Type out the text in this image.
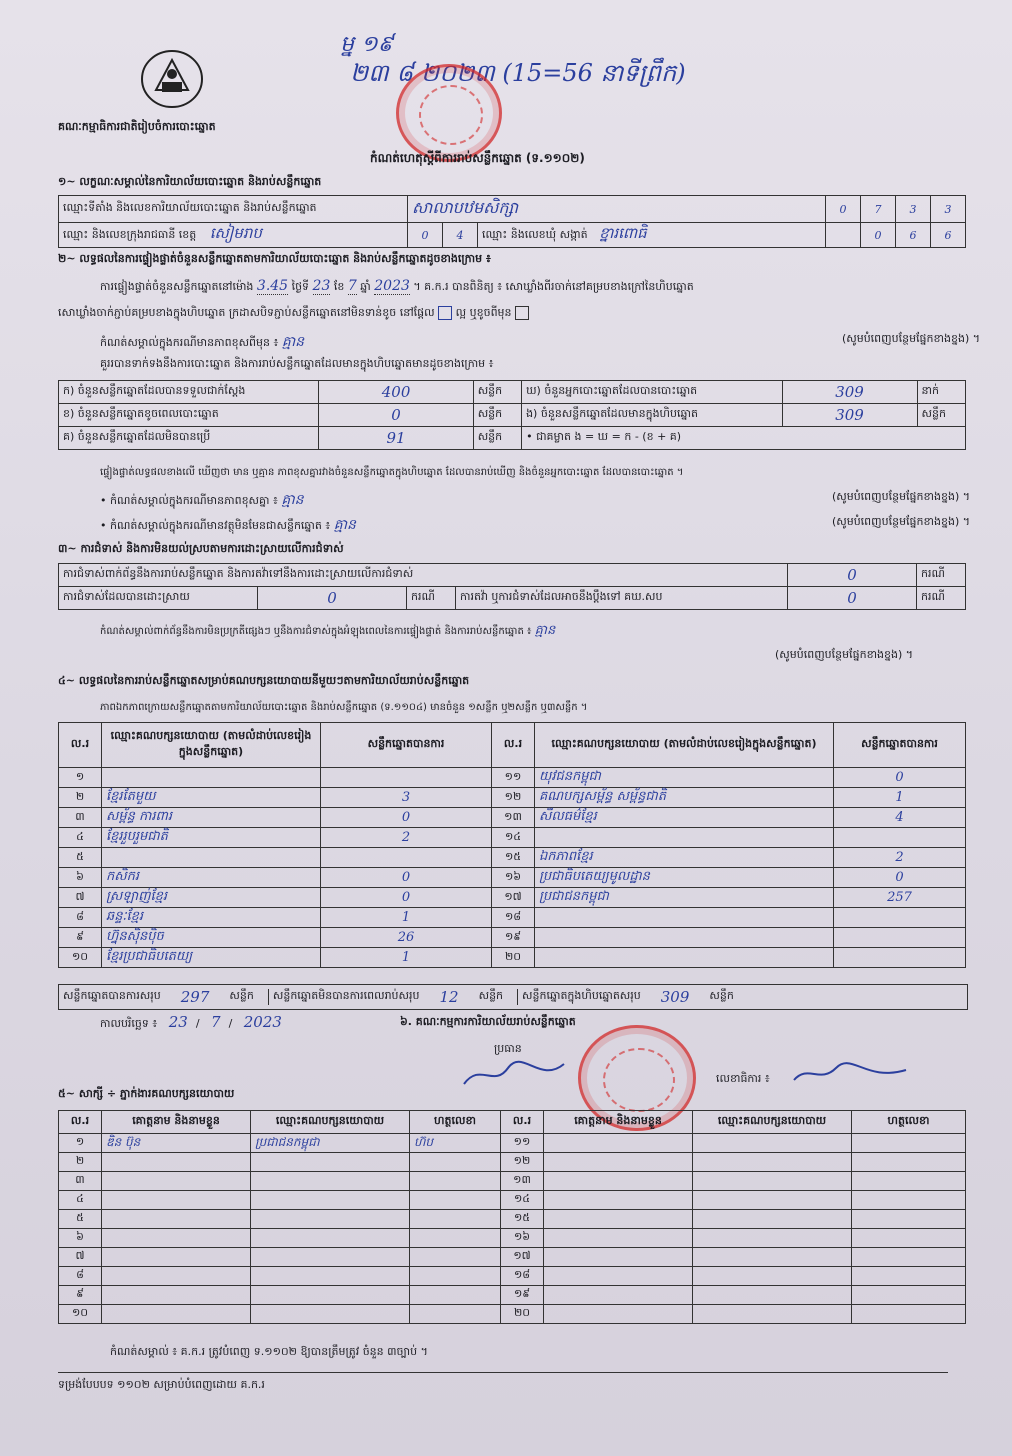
គណៈកម្មាធិការជាតិរៀបចំការបោះឆ្នោត
ម្ន ១៩
២៣ ៨ ២០២៣ (15=56 នាទីព្រឹក)
កំណត់ហេតុស្ដីពីការរាប់សន្លឹកឆ្នោត (ទ.១១០២)
១~ លក្ខណៈសម្គាល់នៃការិយាល័យបោះឆ្នោត និងរាប់សន្លឹកឆ្នោត
ឈ្មោះទីតាំង និងលេខការិយាល័យបោះឆ្នោត និងរាប់សន្លឹកឆ្នោត	សាលាបឋមសិក្សា			0	7	3	3
ឈ្មោះ និងលេខក្រុងរាជធានី ខេត្ត សៀមរាប	0	4	ឈ្មោះ និងលេខឃុំ សង្កាត់ ខ្នារពោធិ		0	6	6
២~ លទ្ធផលនៃការផ្ទៀងផ្ទាត់ចំនួនសន្លឹកឆ្នោតតាមការិយាល័យបោះឆ្នោត និងរាប់សន្លឹកឆ្នោតដូចខាងក្រោម ៖
ការផ្ទៀងផ្ទាត់ចំនួនសន្លឹកឆ្នោតនៅម៉ោង 3.45 ថ្ងៃទី 23 ខែ 7 ឆ្នាំ 2023 ។ គ.ក.រ បានពិនិត្យ ៖ សោឃ្លាំងពីរចាក់នៅគម្របខាងក្រៅនៃហិបឆ្នោត
សោឃ្លាំងចាក់ភ្ជាប់គម្របខាងក្នុងហិបឆ្នោត ក្រដាសបិទភ្ជាប់សន្លឹកឆ្នោតនៅមិនទាន់ខូច នៅផ្ដែល ល្អ ឬខូចពីមុន
កំណត់សម្គាល់ក្នុងករណីមានភាពខុសពីមុន ៖ គ្មាន	(សូមបំពេញបន្ថែមផ្នែកខាងខ្នង) ។
គួររបានទាក់ទងនឹងការបោះឆ្នោត និងការរាប់សន្លឹកឆ្នោតដែលមានក្នុងហិបឆ្នោតមានដូចខាងក្រោម ៖
ក) ចំនួនសន្លឹកឆ្នោតដែលបានទទួលជាក់ស្ដែង	400	សន្លឹក	ឃ) ចំនួនអ្នកបោះឆ្នោតដែលបានបោះឆ្នោត	309	នាក់
ខ) ចំនួនសន្លឹកឆ្នោតខូចពេលបោះឆ្នោត	0	សន្លឹក	ង) ចំនួនសន្លឹកឆ្នោតដែលមានក្នុងហិបឆ្នោត	309	សន្លឹក
គ) ចំនួនសន្លឹកឆ្នោតដែលមិនបានប្រើ	91	សន្លឹក	• ជាគម្លាត ង = ឃ = ក - (ខ + គ)		
ផ្ទៀងផ្ទាត់លទ្ធផលខាងលើ ឃើញថា មាន ឬគ្មាន ភាពខុសគ្នារវាងចំនួនសន្លឹកឆ្នោតក្នុងហិបឆ្នោត ដែលបានរាប់ឃើញ និងចំនួនអ្នកបោះឆ្នោត ដែលបានបោះឆ្នោត ។
• កំណត់សម្គាល់ក្នុងករណីមានភាពខុសគ្នា ៖ គ្មាន	(សូមបំពេញបន្ថែមផ្នែកខាងខ្នង) ។
• កំណត់សម្គាល់ក្នុងករណីមានវត្ថុមិនមែនជាសន្លឹកឆ្នោត ៖ គ្មាន	(សូមបំពេញបន្ថែមផ្នែកខាងខ្នង) ។
៣~ ការជំទាស់ និងការមិនយល់ស្របតាមការដោះស្រាយលើការជំទាស់
ការជំទាស់ពាក់ព័ន្ធនឹងការរាប់សន្លឹកឆ្នោត និងការតវ៉ាទៅនឹងការដោះស្រាយលើការជំទាស់				0	ករណី
ការជំទាស់ដែលបានដោះស្រាយ	0	ករណី	ការតវ៉ា ឬការជំទាស់ដែលអាចនឹងប្ដឹងទៅ គឃ.សប	0	ករណី
កំណត់សម្គាល់ពាក់ព័ន្ធនឹងការមិនប្រក្រតីផ្សេងៗ ឬនឹងការជំទាស់ក្នុងអំឡុងពេលនៃការផ្ទៀងផ្ទាត់ និងការរាប់សន្លឹកឆ្នោត ៖ គ្មាន
(សូមបំពេញបន្ថែមផ្នែកខាងខ្នង) ។
៤~ លទ្ធផលនៃការរាប់សន្លឹកឆ្នោតសម្រាប់គណបក្សនយោបាយនីមួយៗតាមការិយាល័យរាប់សន្លឹកឆ្នោត
ភាពឯកភាពក្រោយសន្លឹកឆ្នោតតាមការិយាល័យបោះឆ្នោត និងរាប់សន្លឹកឆ្នោត (ទ.១១០៤) មានចំនួន ១សន្លឹក ឬ២សន្លឹក ឬ៣សន្លឹក ។
ល.រ	ឈ្មោះគណបក្សនយោបាយ (តាមលំដាប់លេខរៀងក្នុងសន្លឹកឆ្នោត)	សន្លឹកឆ្នោតបានការ	ល.រ	ឈ្មោះគណបក្សនយោបាយ (តាមលំដាប់លេខរៀងក្នុងសន្លឹកឆ្នោត)	សន្លឹកឆ្នោតបានការ
១			១១	យុវជនកម្ពុជា	0
២	ខ្មែរតែមួយ	3	១២	គណបក្សសម្ព័ន្ធ សម្ព័ន្ធជាតិ	1
៣	សម្ព័ន្ធ ការពារ	0	១៣	សីលធម៌ខ្មែរ	4
៤	ខ្មែររួបរួមជាតិ	2	១៤		
៥			១៥	ឯកភាពខ្មែរ	2
៦	កសិករ	0	១៦	ប្រជាធិបតេយ្យមូលដ្ឋាន	0
៧	ស្រឡាញ់ខ្មែរ	0	១៧	ប្រជាជនកម្ពុជា	257
៨	ឆន្ទៈខ្មែរ	1	១៨		
៩	ហ្វ៊ុនស៊ិនប៉ិច	26	១៩		
១០	ខ្មែរប្រជាធិបតេយ្យ	1	២០		
សន្លឹកឆ្នោតបានការសរុប 297 សន្លឹក	សន្លឹកឆ្នោតមិនបានការពេលរាប់សរុប 12 សន្លឹក	សន្លឹកឆ្នោតក្នុងហិបឆ្នោតសរុប 309 សន្លឹក
កាលបរិច្ឆេទ ៖ 23 / 7 / 2023	៦. គណៈកម្មការការិយាល័យរាប់សន្លឹកឆ្នោត
ប្រធាន
លេខាធិការ ៖
៥~ សាក្សី ÷ ភ្នាក់ងារគណបក្សនយោបាយ
ល.រ	គោត្តនាម និងនាមខ្លួន	ឈ្មោះគណបក្សនយោបាយ	ហត្ថលេខា	ល.រ	គោត្តនាម និងនាមខ្លួន	ឈ្មោះគណបក្សនយោបាយ	ហត្ថលេខា
១	ឌិន ប៊ុន	ប្រជាជនកម្ពុជា	ហ៊ប	១១			
២				១២			
៣				១៣			
៤				១៤			
៥				១៥			
៦				១៦			
៧				១៧			
៨				១៨			
៩				១៩			
១០				២០			
កំណត់សម្គាល់ ៖ គ.ក.រ ត្រូវបំពេញ ទ.១១០២ ឱ្យបានត្រឹមត្រូវ ចំនួន ៣ច្បាប់ ។
ទម្រង់បែបបទ ១១០២ សម្រាប់បំពេញដោយ គ.ក.រ
